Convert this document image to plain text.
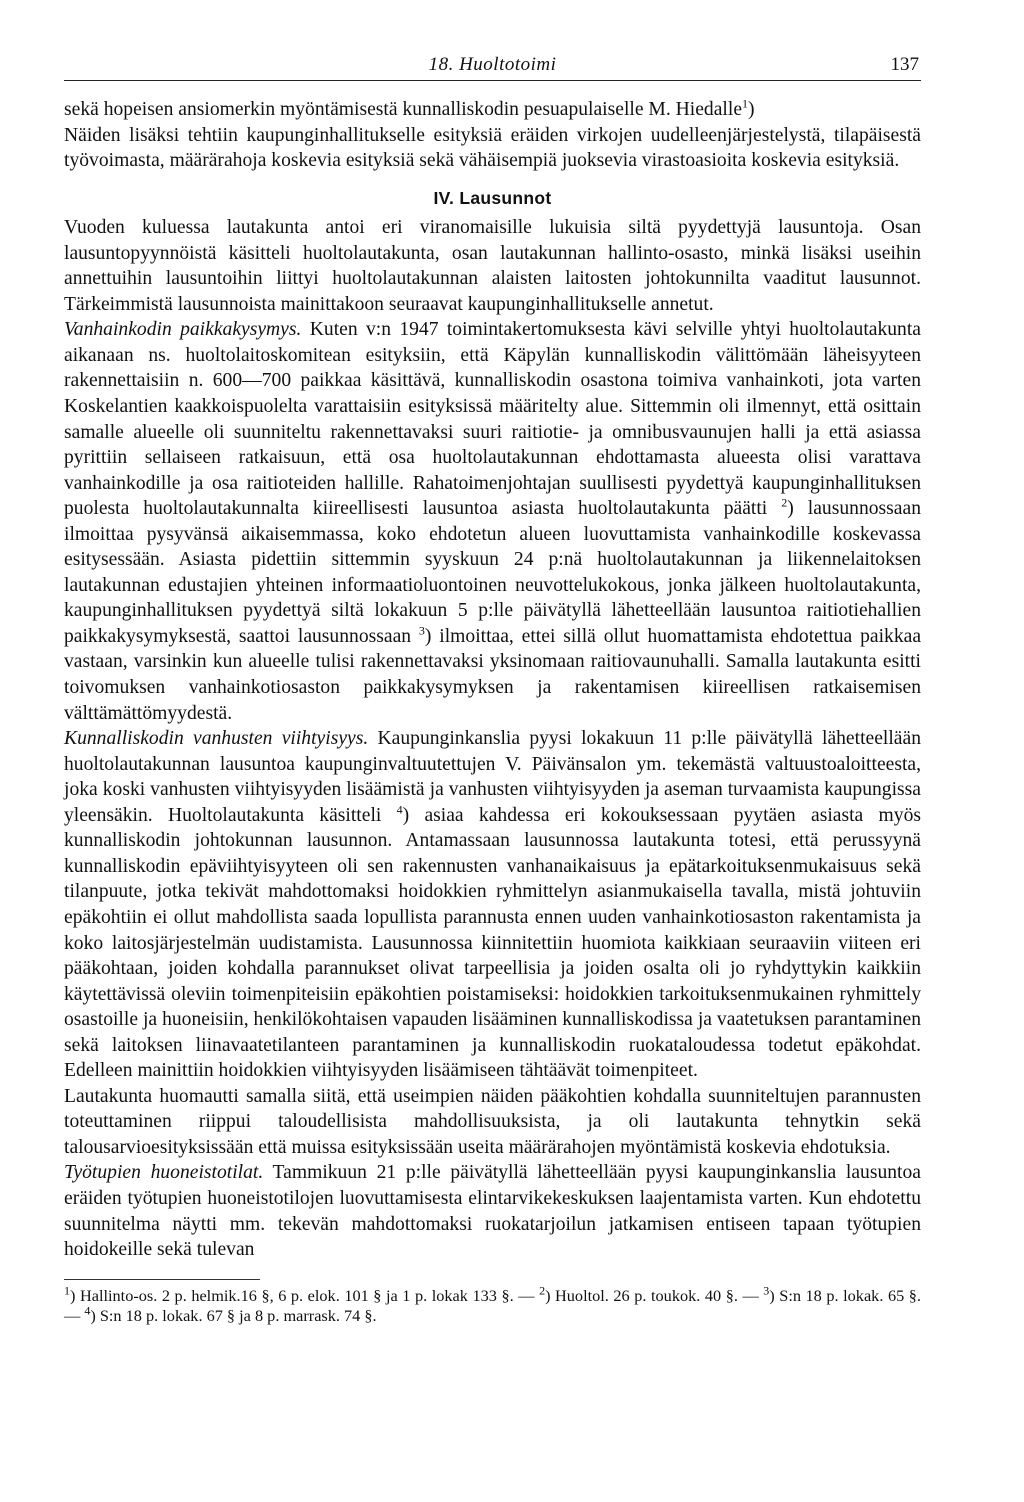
18. Huoltotoimi	137

sekä hopeisen ansiomerkin myöntämisestä kunnalliskodin pesuapulaiselle M. Hiedalle$^1$)

Näiden lisäksi tehtiin kaupunginhallitukselle esityksiä eräiden virkojen uudelleenjärjestelystä, tilapäisestä työvoimasta, määrärahoja koskevia esityksiä sekä vähäisempiä juoksevia virastoasioita koskevia esityksiä.

IV. Lausunnot

Vuoden kuluessa lautakunta antoi eri viranomaisille lukuisia siltä pyydettyjä lausuntoja. Osan lausuntopyynnöistä käsitteli huoltolautakunta, osan lautakunnan hallinto-osasto, minkä lisäksi useihin annettuihin lausuntoihin liittyi huoltolautakunnan alaisten laitosten johtokunnilta vaaditut lausunnot. Tärkeimmistä lausunnoista mainittakoon seuraavat kaupunginhallitukselle annetut.

Vanhainkodin paikkakysymys. Kuten v:n 1947 toimintakertomuksesta kävi selville yhtyi huoltolautakunta aikanaan ns. huoltolaitoskomitean esityksiin, että Käpylän kunnalliskodin välittömään läheisyyteen rakennettaisiin n. 600—700 paikkaa käsittävä, kunnalliskodin osastona toimiva vanhainkoti, jota varten Koskelantien kaakkoispuolelta varattaisiin esityksissä määritelty alue. Sittemmin oli ilmennyt, että osittain samalle alueelle oli suunniteltu rakennettavaksi suuri raitiotie- ja omnibusvaunujen halli ja että asiassa pyrittiin sellaiseen ratkaisuun, että osa huoltolautakunnan ehdottamasta alueesta olisi varattava vanhainkodille ja osa raitioteiden hallille. Rahatoimenjohtajan suullisesti pyydettyä kaupunginhallituksen puolesta huoltolautakunnalta kiireellisesti lausuntoa asiasta huoltolautakunta päätti $^2$) lausunnossaan ilmoittaa pysyvänsä aikaisemmassa, koko ehdotetun alueen luovuttamista vanhainkodille koskevassa esitysessään. Asiasta pidettiin sittemmin syyskuun 24 p:nä huoltolautakunnan ja liikennelaitoksen lautakunnan edustajien yhteinen informaatioluontoinen neuvottelukokous, jonka jälkeen huoltolautakunta, kaupunginhallituksen pyydettyä siltä lokakuun 5 p:lle päivätyllä lähetteellään lausuntoa raitiotiehallien paikkakysymyksestä, saattoi lausunnossaan $^3$) ilmoittaa, ettei sillä ollut huomattamista ehdotettua paikkaa vastaan, varsinkin kun alueelle tulisi rakennettavaksi yksinomaan raitiovaunuhalli. Samalla lautakunta esitti toivomuksen vanhainkotiosaston paikkakysymyksen ja rakentamisen kiireellisen ratkaisemisen välttämättömyydestä.

Kunnalliskodin vanhusten viihtyisyys. Kaupunginkanslia pyysi lokakuun 11 p:lle päivätyllä lähetteellään huoltolautakunnan lausuntoa kaupunginvaltuutettujen V. Päivänsalon ym. tekemästä valtuustoaloitteesta, joka koski vanhusten viihtyisyyden lisäämistä ja vanhusten viihtyisyyden ja aseman turvaamista kaupungissa yleensäkin. Huoltolautakunta käsitteli $^4$) asiaa kahdessa eri kokouksessaan pyytäen asiasta myös kunnalliskodin johtokunnan lausunnon. Antamassaan lausunnossa lautakunta totesi, että perussyynä kunnalliskodin epäviihtyisyyteen oli sen rakennusten vanhanaikaisuus ja epätarkoituksenmukaisuus sekä tilanpuute, jotka tekivät mahdottomaksi hoidokkien ryhmittelyn asianmukaisella tavalla, mistä johtuviin epäkohtiin ei ollut mahdollista saada lopullista parannusta ennen uuden vanhainkotiosaston rakentamista ja koko laitosjärjestelmän uudistamista. Lausunnossa kiinnitettiin huomiota kaikkiaan seuraaviin viiteen eri pääkohtaan, joiden kohdalla parannukset olivat tarpeellisia ja joiden osalta oli jo ryhdyttykin kaikkiin käytettävissä oleviin toimenpiteisiin epäkohtien poistamiseksi: hoidokkien tarkoituksenmukainen ryhmittely osastoille ja huoneisiin, henkilökohtaisen vapauden lisääminen kunnalliskodissa ja vaatetuksen parantaminen sekä laitoksen liinavaatetilanteen parantaminen ja kunnalliskodin ruokataloudessa todetut epäkohdat. Edelleen mainittiin hoidokkien viihtyisyyden lisäämiseen tähtäävät toimenpiteet.

Lautakunta huomautti samalla siitä, että useimpien näiden pääkohtien kohdalla suunniteltujen parannusten toteuttaminen riippui taloudellisista mahdollisuuksista, ja oli lautakunta tehnytkin sekä talousarvioesityksissään että muissa esityksissään useita määrärahojen myöntämistä koskevia ehdotuksia.

Työtupien huoneistotilat. Tammikuun 21 p:lle päivätyllä lähetteellään pyysi kaupunginkanslia lausuntoa eräiden työtupien huoneistotilojen luovuttamisesta elintarvikekeskuksen laajentamista varten. Kun ehdotettu suunnitelma näytti mm. tekevän mahdottomaksi ruokatarjoilun jatkamisen entiseen tapaan työtupien hoidokeille sekä tulevan

$^1$) Hallinto-os. 2 p. helmik.16 §, 6 p. elok. 101 § ja 1 p. lokak 133 §. — $^2$) Huoltol. 26 p. toukok. 40 §. — $^3$) S:n 18 p. lokak. 65 §. — $^4$) S:n 18 p. lokak. 67 § ja 8 p. marrask. 74 §.
